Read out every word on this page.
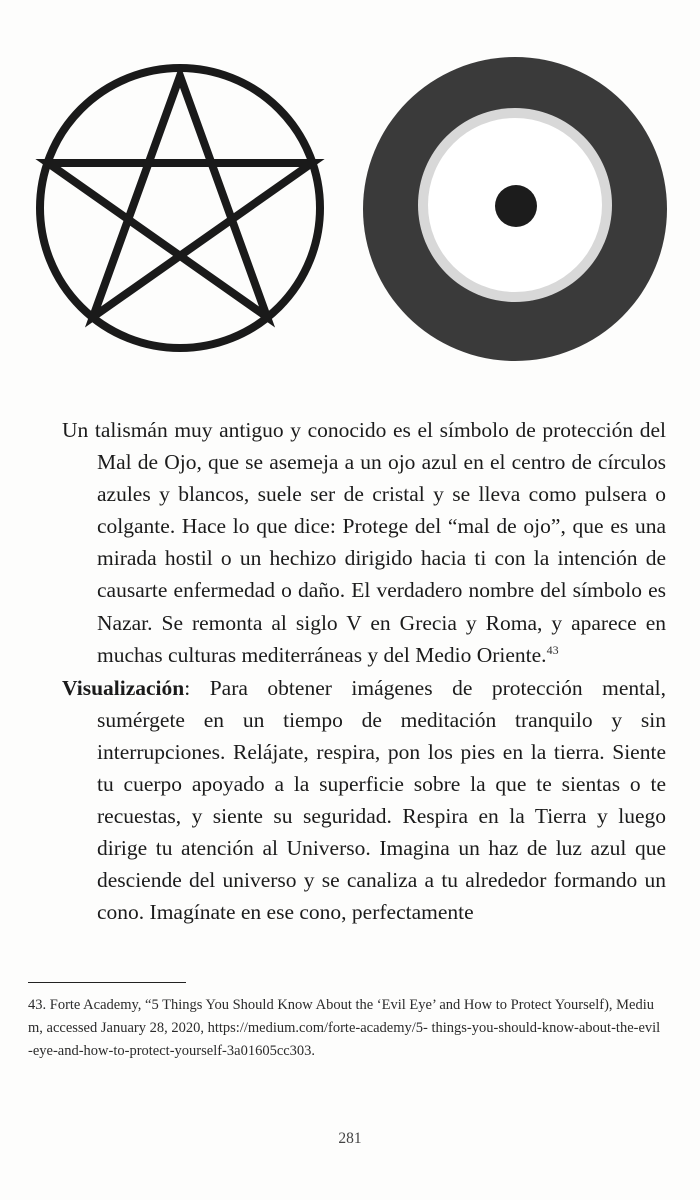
Un talismán muy antiguo y conocido es el símbolo de protección del Mal de Ojo, que se asemeja a un ojo azul en el centro de círculos azules y blancos, suele ser de cristal y se lleva como pulsera o colgante. Hace lo que dice: Protege del “mal de ojo”, que es una mirada hostil o un hechizo dirigido hacia ti con la intención de causarte enfermedad o daño. El verdadero nombre del símbolo es Nazar. Se remonta al siglo V en Grecia y Roma, y aparece en muchas culturas mediterráneas y del Medio Oriente.$^{43}$

Visualización: Para obtener imágenes de protección mental, sumérgete en un tiempo de meditación tranquilo y sin interrupciones. Relájate, respira, pon los pies en la tierra. Siente tu cuerpo apoyado a la superficie sobre la que te sientas o te recuestas, y siente su seguridad. Respira en la Tierra y luego dirige tu atención al Universo. Imagina un haz de luz azul que desciende del universo y se canaliza a tu alrededor formando un cono. Imagínate en ese cono, perfectamente

43. Forte Academy, “5 Things You Should Know About the ‘Evil Eye’ and How to Protect Yourself), Medium, accessed January 28, 2020, https://medium.com/forte-academy/5- things-you-should-know-about-the-evil-eye-and-how-to-protect-yourself-3a01605cc303.

281
